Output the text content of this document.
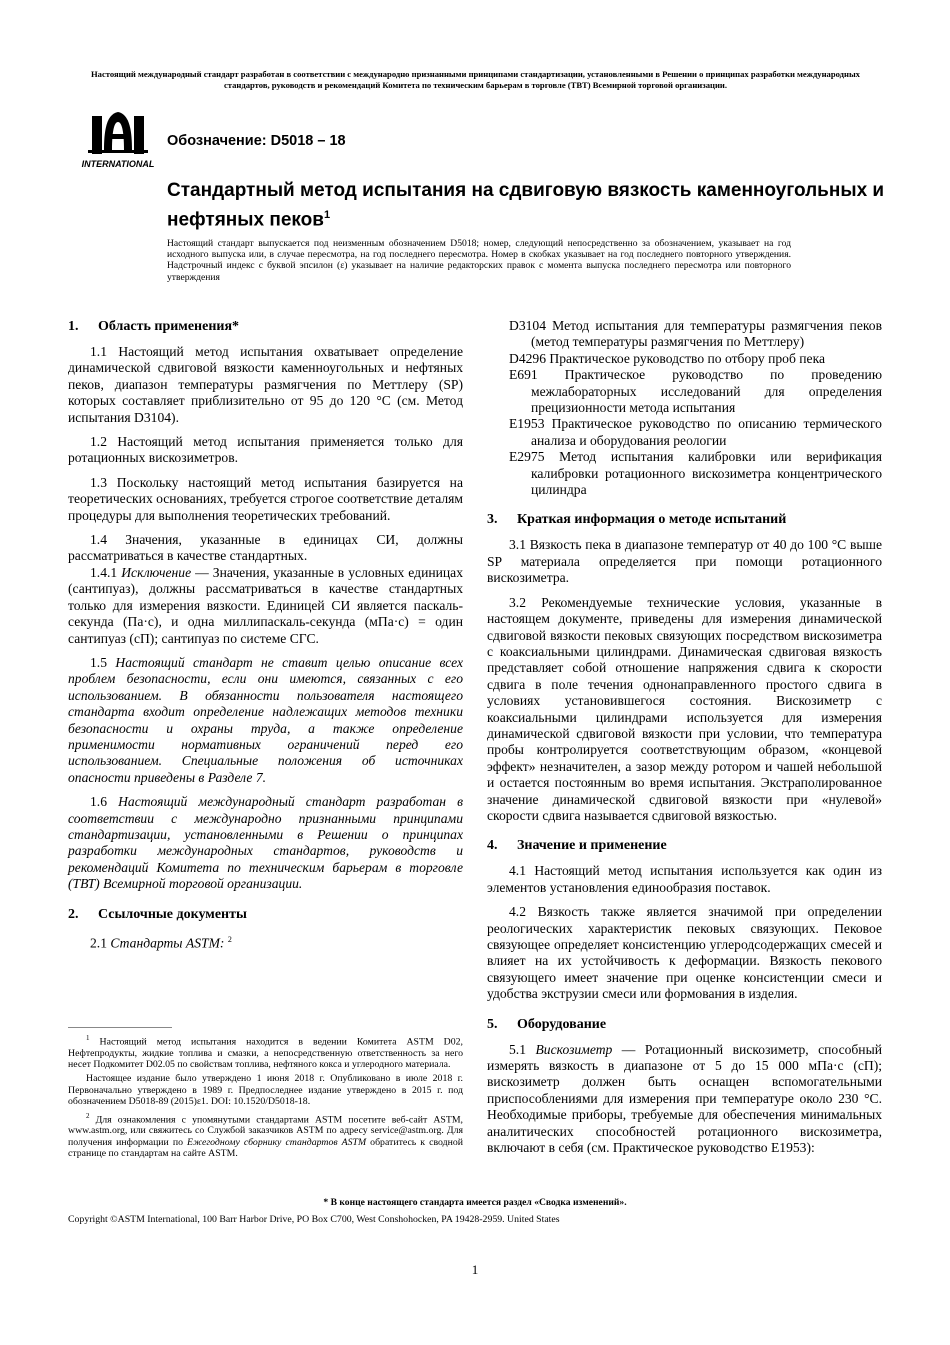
Настоящий международный стандарт разработан в соответствии с международно признанными принципами стандартизации, установленными в Решении о принципах разработки международных стандартов, руководств и рекомендаций Комитета по техническим барьерам в торговле (ТВТ) Всемирной торговой организации.
INTERNATIONAL
Обозначение: D5018 – 18
Стандартный метод испытания на сдвиговую вязкость каменноугольных и нефтяных пеков$^1$
Настоящий стандарт выпускается под неизменным обозначением D5018; номер, следующий непосредственно за обозначением, указывает на год исходного выпуска или, в случае пересмотра, на год последнего пересмотра. Номер в скобках указывает на год последнего повторного утверждения. Надстрочный индекс с буквой эпсилон (ε) указывает на наличие редакторских правок с момента выпуска последнего пересмотра или повторного утверждения
1.	Область применения*

1.1 Настоящий метод испытания охватывает определение динамической сдвиговой вязкости каменноугольных и нефтяных пеков, диапазон температуры размягчения по Меттлеру (SP) которых составляет приблизительно от 95 до 120 °C (см. Метод испытания D3104).

1.2 Настоящий метод испытания применяется только для ротационных вискозиметров.

1.3 Поскольку настоящий метод испытания базируется на теоретических основаниях, требуется строгое соответствие деталям процедуры для выполнения теоретических требований.

1.4 Значения, указанные в единицах СИ, должны рассматриваться в качестве стандартных.

1.4.1 Исключение — Значения, указанные в условных единицах (сантипуаз), должны рассматриваться в качестве стандартных только для измерения вязкости. Единицей СИ является паскаль-секунда (Па·с), и одна миллипаскаль-секунда (мПа·с) = один сантипуаз (сП); сантипуаз по системе СГС.

1.5 Настоящий стандарт не ставит целью описание всех проблем безопасности, если они имеются, связанных с его использованием. В обязанности пользователя настоящего стандарта входит определение надлежащих методов техники безопасности и охраны труда, а также определение применимости нормативных ограничений перед его использованием. Специальные положения об источниках опасности приведены в Разделе 7.

1.6 Настоящий международный стандарт разработан в соответствии с международно признанными принципами стандартизации, установленными в Решении о принципах разработки международных стандартов, руководств и рекомендаций Комитета по техническим барьерам в торговле (ТВТ) Всемирной торговой организации.

2.	Ссылочные документы

2.1 Стандарты ASTM: $^2$

D3104 Метод испытания для температуры размягчения пеков (метод температуры размягчения по Меттлеру)
D4296 Практическое руководство по отбору проб пека
E691 Практическое руководство по проведению межлабораторных исследований для определения прецизионности метода испытания
E1953 Практическое руководство по описанию термического анализа и оборудования реологии
E2975 Метод испытания калибровки или верификация калибровки ротационного вискозиметра концентрического цилиндра
3.	Краткая информация о методе испытаний

3.1 Вязкость пека в диапазоне температур от 40 до 100 °C выше SP материала определяется при помощи ротационного вискозиметра.

3.2 Рекомендуемые технические условия, указанные в настоящем документе, приведены для измерения динамической сдвиговой вязкости пековых связующих посредством вискозиметра с коаксиальными цилиндрами. Динамическая сдвиговая вязкость представляет собой отношение напряжения сдвига к скорости сдвига в поле течения однонаправленного простого сдвига в условиях установившегося состояния. Вискозиметр с коаксиальными цилиндрами используется для измерения динамической сдвиговой вязкости при условии, что температура пробы контролируется соответствующим образом, «концевой эффект» незначителен, а зазор между ротором и чашей небольшой и остается постоянным во время испытания. Экстраполированное значение динамической сдвиговой вязкости при «нулевой» скорости сдвига называется сдвиговой вязкостью.

4.	Значение и применение

4.1 Настоящий метод испытания используется как один из элементов установления единообразия поставок.

4.2 Вязкость также является значимой при определении реологических характеристик пековых связующих. Пековое связующее определяет консистенцию углеродсодержащих смесей и влияет на их устойчивость к деформации. Вязкость пекового связующего имеет значение при оценке консистенции смеси и удобства экструзии смеси или формования в изделия.

5.	Оборудование

5.1 Вискозиметр — Ротационный вискозиметр, способный измерять вязкость в диапазоне от 5 до 15 000 мПа·с (сП); вискозиметр должен быть оснащен вспомогательными приспособлениями для измерения при температуре около 230 °C. Необходимые приборы, требуемые для обеспечения минимальных аналитических способностей ротационного вискозиметра, включают в себя (см. Практическое руководство E1953):

$^1$ Настоящий метод испытания находится в ведении Комитета ASTM D02, Нефтепродукты, жидкие топлива и смазки, а непосредственную ответственность за него несет Подкомитет D02.05 по свойствам топлива, нефтяного кокса и углеродного материала.

Настоящее издание было утверждено 1 июня 2018 г. Опубликовано в июле 2018 г. Первоначально утверждено в 1989 г. Предпоследнее издание утверждено в 2015 г. под обозначением D5018-89 (2015)ε1. DOI: 10.1520/D5018-18.

$^2$ Для ознакомления с упомянутыми стандартами ASTM посетите веб-сайт ASTM, www.astm.org, или свяжитесь со Службой заказчиков ASTM по адресу service@astm.org. Для получения информации по Ежегодному сборнику стандартов ASTM обратитесь к сводной странице по стандартам на сайте ASTM.

* В конце настоящего стандарта имеется раздел «Сводка изменений».
Copyright ©ASTM International, 100 Barr Harbor Drive, PO Box C700, West Conshohocken, PA 19428-2959. United States
1
